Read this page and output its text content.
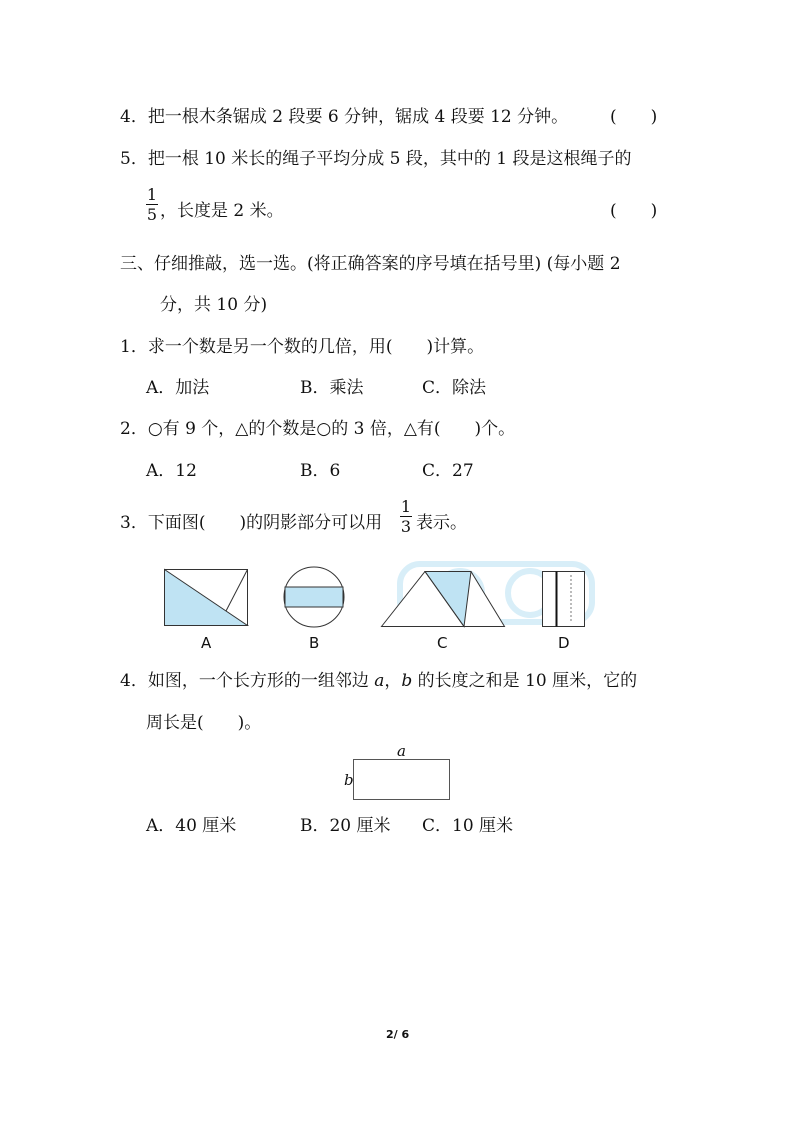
4．把一根木条锯成 2 段要 6 分钟，锯成 4 段要 12 分钟。 (　　)
5．把一根 10 米长的绳子平均分成 5 段，其中的 1 段是这根绳子的
1
5 ，长度是 2 米。	(　　)
三、仔细推敲，选一选。(将正确答案的序号填在括号里) (每小题 2
分，共 10 分)
1．求一个数是另一个数的几倍，用(　　)计算。
A．加法	B．乘法	C．除法
2．○有 9 个，△的个数是○的 3 倍，△有(　　)个。
A．12	B．6	C．27
3．下面图(　　)的阴影部分可以用
1
3 表示。
A	B	C	D
4．如图，一个长方形的一组邻边 a，b 的长度之和是 10 厘米，它的
周长是(　　)。
a
b
A．40 厘米	B．20 厘米 C．10 厘米
2/ 6
